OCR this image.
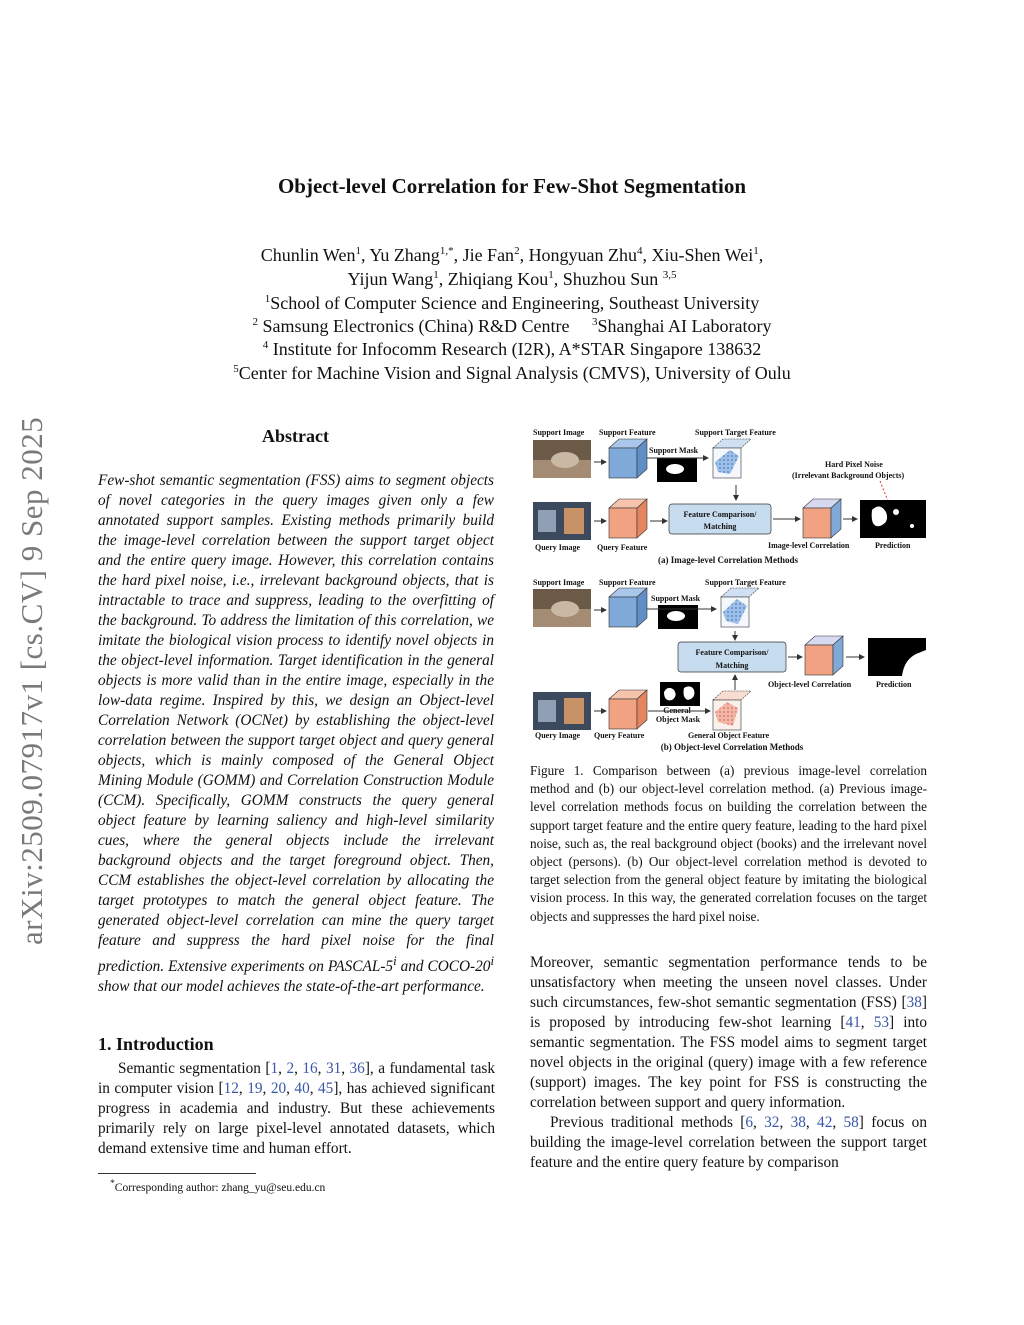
arXiv:2509.07917v1 [cs.CV] 9 Sep 2025
Object-level Correlation for Few-Shot Segmentation
Chunlin Wen$^1$, Yu Zhang$^{1,*}$, Jie Fan$^2$, Hongyuan Zhu$^4$, Xiu-Shen Wei$^1$,
Yijun Wang$^1$, Zhiqiang Kou$^1$, Shuzhou Sun $^{3,5}$
$^1$School of Computer Science and Engineering, Southeast University
$^2$ Samsung Electronics (China) R&D Centre $^3$Shanghai AI Laboratory
$^4$ Institute for Infocomm Research (I2R), A*STAR Singapore 138632
$^5$Center for Machine Vision and Signal Analysis (CMVS), University of Oulu
Abstract
Few-shot semantic segmentation (FSS) aims to segment objects of novel categories in the query images given only a few annotated support samples. Existing methods primarily build the image-level correlation between the support target object and the entire query image. However, this correlation contains the hard pixel noise, i.e., irrelevant background objects, that is intractable to trace and suppress, leading to the overfitting of the background. To address the limitation of this correlation, we imitate the biological vision process to identify novel objects in the object-level information. Target identification in the general objects is more valid than in the entire image, especially in the low-data regime. Inspired by this, we design an Object-level Correlation Network (OCNet) by establishing the object-level correlation between the support target object and query general objects, which is mainly composed of the General Object Mining Module (GOMM) and Correlation Construction Module (CCM). Specifically, GOMM constructs the query general object feature by learning saliency and high-level similarity cues, where the general objects include the irrelevant background objects and the target foreground object. Then, CCM establishes the object-level correlation by allocating the target prototypes to match the general object feature. The generated object-level correlation can mine the query target feature and suppress the hard pixel noise for the final prediction. Extensive experiments on PASCAL-5$^i$ and COCO-20$^i$ show that our model achieves the state-of-the-art performance.
1. Introduction
Semantic segmentation [1, 2, 16, 31, 36], a fundamental task in computer vision [12, 19, 20, 40, 45], has achieved significant progress in academia and industry. But these achievements primarily rely on large pixel-level annotated datasets, which demand extensive time and human effort.
*Corresponding author: zhang_yu@seu.edu.cn
Support Image Support Feature	Support Target Feature
Support Mask
Hard Pixel Noise
(Irrelevant Background Objects)
Feature Comparison/
Matching
Query Image Query Feature	Image-level Correlation	Prediction
(a) Image-level Correlation Methods
Support Image Support Feature	Support Target Feature
Support Mask
Feature Comparison/
Matching
Object-level Correlation	Prediction
General
Object Mask
Query Image Query Feature	General Object Feature
(b) Object-level Correlation Methods
Figure 1. Comparison between (a) previous image-level correlation method and (b) our object-level correlation method. (a) Previous image-level correlation methods focus on building the correlation between the support target feature and the entire query feature, leading to the hard pixel noise, such as, the real background object (books) and the irrelevant novel object (persons). (b) Our object-level correlation method is devoted to target selection from the general object feature by imitating the biological vision process. In this way, the generated correlation focuses on the target objects and suppresses the hard pixel noise.

Moreover, semantic segmentation performance tends to be unsatisfactory when meeting the unseen novel classes. Under such circumstances, few-shot semantic segmentation (FSS) [38] is proposed by introducing few-shot learning [41, 53] into semantic segmentation. The FSS model aims to segment target novel objects in the original (query) image with a few reference (support) images. The key point for FSS is constructing the correlation between support and query information.

Previous traditional methods [6, 32, 38, 42, 58] focus on building the image-level correlation between the support target feature and the entire query feature by comparison
